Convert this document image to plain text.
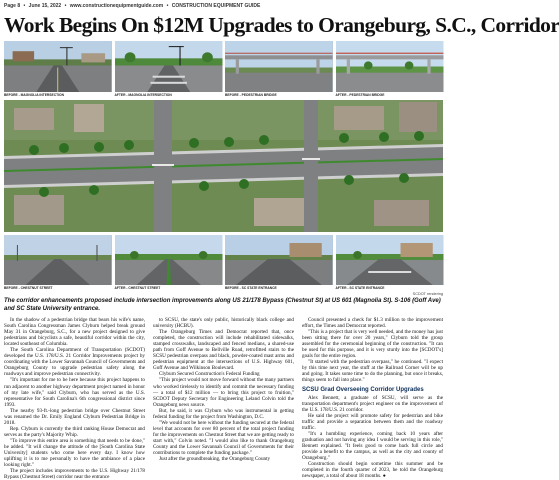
Page 8 • June 15, 2022 • www.constructionequipmentguide.com • CONSTRUCTION EQUIPMENT GUIDE
Work Begins On $12M Upgrades to Orangeburg, S.C., Corridor
BEFORE - MAGNOLIA INTERSECTION	AFTER - MAGNOLIA INTERSECTION	BEFORE - PEDESTRIAN BRIDGE	AFTER - PEDESTRIAN BRIDGE
BEFORE - CHESTNUT STREET	AFTER - CHESTNUT STREET	BEFORE - SC STATE ENTRANCE	AFTER - SC STATE ENTRANCE
SCDOT rendering
The corridor enhancements proposed include intersection improvements along US 21/178 Bypass (Chestnut St) at US 601 (Magnolia St). S-106 (Goff Ave) and SC State University entrance.

In the shadow of a pedestrian bridge that bears his wife's name, South Carolina Congressman James Clyburn helped break ground May 31 in Orangeburg, S.C., for a new project designed to give pedestrians and bicyclists a safe, beautiful corridor within the city, located southeast of Columbia.

The South Carolina Department of Transportation (SCDOT) developed the U.S. 178/U.S. 21 Corridor Improvements project by coordinating with the Lower Savannah Council of Governments and Orangeburg County to upgrade pedestrian safety along the roadways and improve pedestrian connectivity.

"It's important for me to be here because this project happens to run adjacent to another highway department project named in honor of my late wife," said Clyburn, who has served as the U.S. representative for South Carolina's 6th congressional district since 1993.

The nearby 93-ft.-long pedestrian bridge over Chestnut Street was renamed the Dr. Emily England Clyburn Pedestrian Bridge in 2018.

Rep. Clyburn is currently the third ranking House Democrat and serves as the party's Majority Whip.

"To improve this entire area is something that needs to be done," he added. "It will change the attitude of the [South Carolina State University] students who come here every day. I know how uplifting it is to me personally to have the ambiance of a place looking right."

The project includes improvements to the U.S. Highway 21/178 Bypass (Chestnut Street) corridor near the entrance

to SCSU, the state's only public, historically black college and university (HCBU).

The Orangeburg Times and Democrat reported that, once completed, the construction will include rehabilitated sidewalks, stamped crosswalks, landscaped and fenced medians, a shared-use path from Goff Avenue to Bellville Road, retrofitted stairs to the SCSU pedestrian overpass and black, powder-coated mast arms and pedestrian equipment at the intersections of U.S. Highway 601, Goff Avenue and Wilkinson Boulevard.

Clyburn Secured Construction's Federal Funding

"This project would not move forward without the many partners who worked tirelessly to identify and commit the necessary funding — a total of $12 million — to bring this project to fruition," SCDOT Deputy Secretary for Engineering Leland Colvin told the Orangeburg news source.

But, he said, it was Clyburn who was instrumental in getting federal funding for the project from Washington, D.C.

"We would not be here without the funding secured at the federal level that accounts for over 80 percent of the total project funding for the improvements on Chestnut Street that we are getting ready to start with," Colvin noted. "I would also like to thank Orangeburg County and the Lower Savannah Council of Governments for their contributions to complete the funding package."

Just after the groundbreaking, the Orangeburg County

Council presented a check for $1.3 million to the improvement effort, the Times and Democrat reported.

"This is a project that is very well needed, and the money has just been sitting there for over 20 years," Clyburn told the group assembled for the ceremonial beginning of the construction. "It can be used for this purpose, and it is very sturdy into the [SCDOT's] goals for the entire region.

"It started with the pedestrian overpass," he continued. "I expect by this time next year, the stuff at the Railroad Corner will be up and going. It takes some time to do the planning, but once it breaks, things seem to fall into place."

SCSU Grad Overseeing Corridor Upgrades

Alex Bennett, a graduate of SCSU, will serve as the transportation department's project engineer on the improvement of the U.S. 178/U.S. 21 corridor.

He said the project will promote safety for pedestrian and bike traffic and provide a separation between them and the roadway traffic.

"It's a humbling experience, coming back 10 years after graduation and not having any idea I would be serving in this role," Bennett explained. "It feels good to come back full circle and provide a benefit to the campus, as well as the city and county of Orangeburg."

Construction should begin sometime this summer and be completed in the fourth quarter of 2023, he told the Orangeburg newspaper, a total of about 18 months. ●
